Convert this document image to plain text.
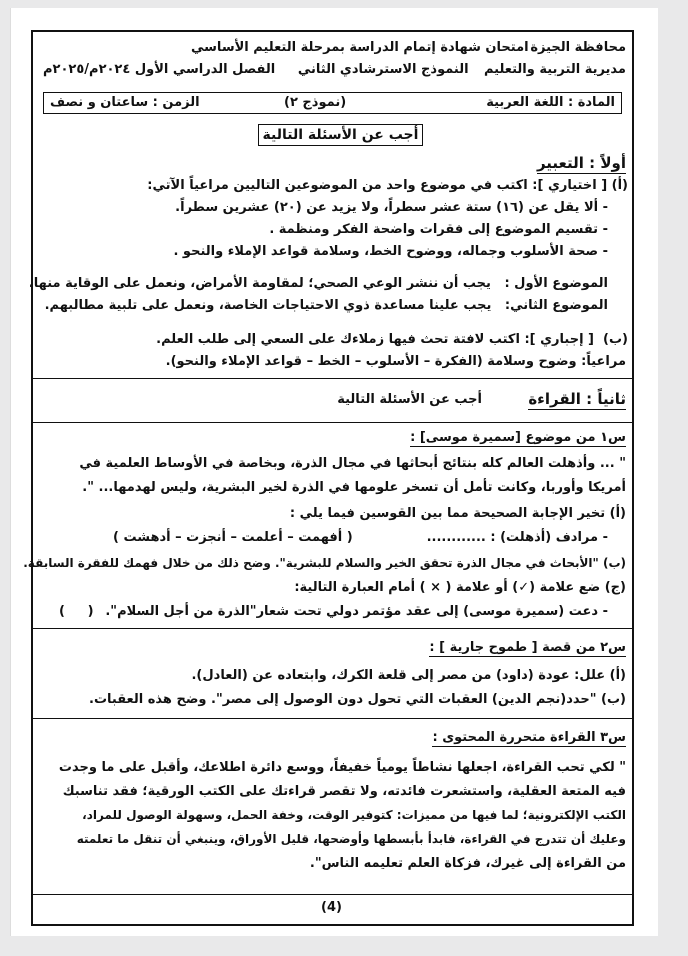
محافظة الجيزة
مديرية التربية والتعليم
امتحان شهادة إتمام الدراسة بمرحلة التعليم الأساسي
النموذج الاسترشادي الثاني     الفصل الدراسي الأول ٢٠٢٤م/٢٠٢٥م
المادة : اللغة العربية
(نموذج ٢)
الزمن : ساعتان و نصف
أجب عن الأسئلة التالية
أولاً : التعبير
(أ) [ اختياري ]: اكتب في موضوع واحد من الموضوعين التاليين مراعياً الآتي:
- ألا يقل عن (١٦) ستة عشر سطراً، ولا يزيد عن (٢٠) عشرين سطراً.
- تقسيم الموضوع إلى فقرات واضحة الفكر ومنظمة .
- صحة الأسلوب وجماله، ووضوح الخط، وسلامة قواعد الإملاء والنحو .
الموضوع الأول :   يجب أن ننشر الوعي الصحي؛ لمقاومة الأمراض، ونعمل على الوقاية منها.
الموضوع الثاني:   يجب علينا مساعدة ذوي الاحتياجات الخاصة، ونعمل على تلبية مطالبهم.
(ب)  [ إجباري ]: اكتب لافتة تحث فيها زملاءك على السعي إلى طلب العلم.
مراعياً: وضوح وسلامة (الفكرة – الأسلوب – الخط – قواعد الإملاء والنحو).
ثانياً : القراءة
أجب عن الأسئلة التالية
س١ من موضوع [سميرة موسى] :
" ... وأذهلت العالم كله بنتائج أبحاثها في مجال الذرة، وبخاصة في الأوساط العلمية في
أمريكا وأوربا، وكانت تأمل أن تسخر علومها في الذرة لخير البشرية، وليس لهدمها... ".
(أ) تخير الإجابة الصحيحة مما بين القوسين فيما يلي :
- مرادف (أذهلت) : ............
( أفهمت – أعلمت – أنجزت – أدهشت )
(ب) "الأبحاث في مجال الذرة تحقق الخير والسلام للبشرية". وضح ذلك من خلال فهمك للفقرة السابقة.
(ج) ضع علامة (✓) أو علامة ( × ) أمام العبارة التالية:
- دعت (سميرة موسى) إلى عقد مؤتمر دولي تحت شعار"الذرة من أجل السلام".
(     )
س٢ من قصة [ طموح جارية ] :
(أ) علل: عودة (داود) من مصر إلى قلعة الكرك، وابتعاده عن (العادل).
(ب) "حدد(نجم الدين) العقبات التي تحول دون الوصول إلى مصر". وضح هذه العقبات.
س٣ القراءة متحررة المحتوى :
" لكي تحب القراءة، اجعلها نشاطاً يومياً خفيفاً، ووسع دائرة اطلاعك، وأقبل على ما وجدت
فيه المتعة العقلية، واستشعرت فائدته، ولا تقصر قراءتك على الكتب الورقية؛ فقد تناسبك
الكتب الإلكترونية؛ لما فيها من مميزات: كتوفير الوقت، وخفة الحمل، وسهولة الوصول للمراد،
وعليك أن تتدرج في القراءة، فابدأ بأبسطها وأوضحها، قليل الأوراق، وينبغي أن تنقل ما تعلمته
من القراءة إلى غيرك، فزكاة العلم تعليمه الناس".
(4)
